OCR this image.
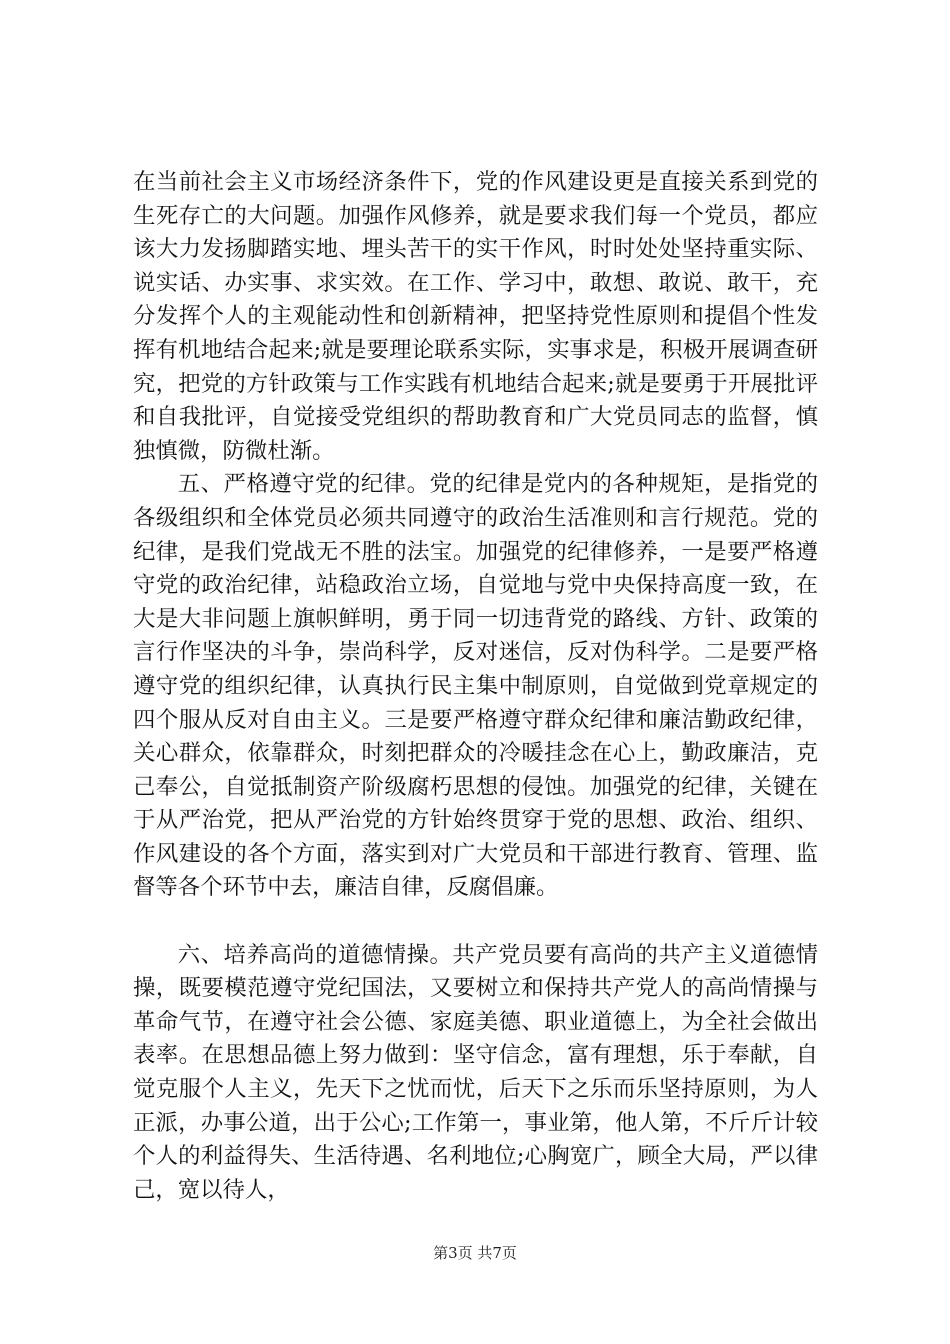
在当前社会主义市场经济条件下，党的作风建设更是直接关系到党的生死存亡的大问题。加强作风修养，就是要求我们每一个党员，都应该大力发扬脚踏实地、埋头苦干的实干作风，时时处处坚持重实际、说实话、办实事、求实效。在工作、学习中，敢想、敢说、敢干，充分发挥个人的主观能动性和创新精神，把坚持党性原则和提倡个性发挥有机地结合起来;就是要理论联系实际，实事求是，积极开展调查研究，把党的方针政策与工作实践有机地结合起来;就是要勇于开展批评和自我批评，自觉接受党组织的帮助教育和广大党员同志的监督，慎独慎微，防微杜渐。

五、严格遵守党的纪律。党的纪律是党内的各种规矩，是指党的各级组织和全体党员必须共同遵守的政治生活准则和言行规范。党的纪律，是我们党战无不胜的法宝。加强党的纪律修养，一是要严格遵守党的政治纪律，站稳政治立场，自觉地与党中央保持高度一致，在大是大非问题上旗帜鲜明，勇于同一切违背党的路线、方针、政策的言行作坚决的斗争，崇尚科学，反对迷信，反对伪科学。二是要严格遵守党的组织纪律，认真执行民主集中制原则，自觉做到党章规定的四个服从反对自由主义。三是要严格遵守群众纪律和廉洁勤政纪律，关心群众，依靠群众，时刻把群众的冷暖挂念在心上，勤政廉洁，克己奉公，自觉抵制资产阶级腐朽思想的侵蚀。加强党的纪律，关键在于从严治党，把从严治党的方针始终贯穿于党的思想、政治、组织、作风建设的各个方面，落实到对广大党员和干部进行教育、管理、监督等各个环节中去，廉洁自律，反腐倡廉。

六、培养高尚的道德情操。共产党员要有高尚的共产主义道德情操，既要模范遵守党纪国法，又要树立和保持共产党人的高尚情操与革命气节，在遵守社会公德、家庭美德、职业道德上，为全社会做出表率。在思想品德上努力做到：坚守信念，富有理想，乐于奉献，自觉克服个人主义，先天下之忧而忧，后天下之乐而乐坚持原则，为人正派，办事公道，出于公心;工作第一，事业第，他人第，不斤斤计较个人的利益得失、生活待遇、名利地位;心胸宽广，顾全大局，严以律己，宽以待人，

第3页 共7页
